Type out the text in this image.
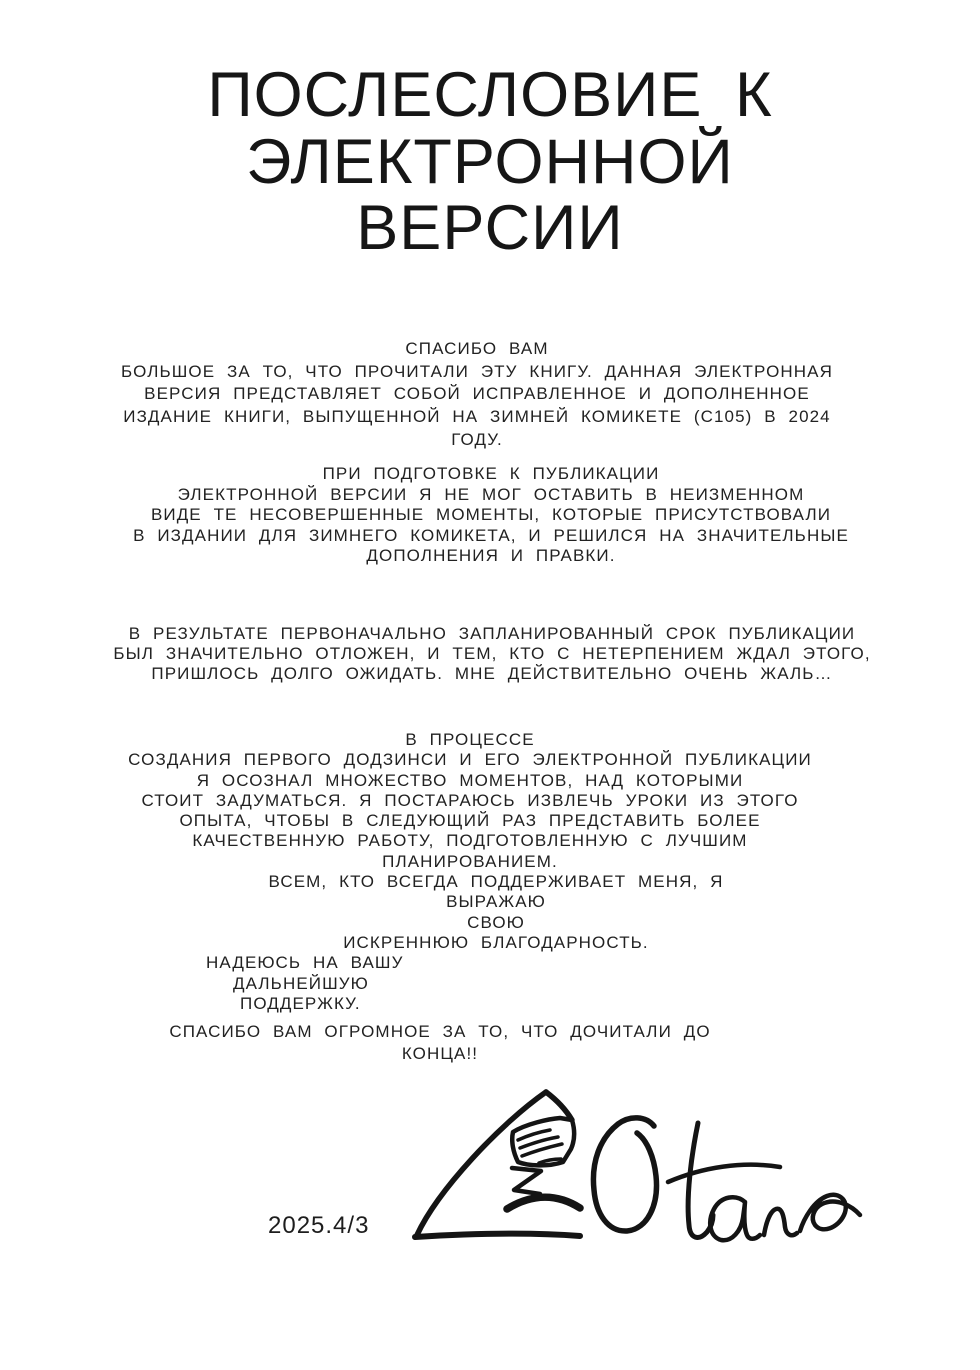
ПОСЛЕСЛОВИЕ К
ЭЛЕКТРОННОЙ
ВЕРСИИ
СПАСИБО ВАМ
БОЛЬШОЕ ЗА ТО, ЧТО ПРОЧИТАЛИ ЭТУ КНИГУ. ДАННАЯ ЭЛЕКТРОННАЯ
ВЕРСИЯ ПРЕДСТАВЛЯЕТ СОБОЙ ИСПРАВЛЕННОЕ И ДОПОЛНЕННОЕ
ИЗДАНИЕ КНИГИ, ВЫПУЩЕННОЙ НА ЗИМНЕЙ КОМИКЕТЕ (C105) В 2024
ГОДУ.
ПРИ ПОДГОТОВКЕ К ПУБЛИКАЦИИ
ЭЛЕКТРОННОЙ ВЕРСИИ Я НЕ МОГ ОСТАВИТЬ В НЕИЗМЕННОМ
ВИДЕ ТЕ НЕСОВЕРШЕННЫЕ МОМЕНТЫ, КОТОРЫЕ ПРИСУТСТВОВАЛИ
В ИЗДАНИИ ДЛЯ ЗИМНЕГО КОМИКЕТА, И РЕШИЛСЯ НА ЗНАЧИТЕЛЬНЫЕ
ДОПОЛНЕНИЯ И ПРАВКИ.
В РЕЗУЛЬТАТЕ ПЕРВОНАЧАЛЬНО ЗАПЛАНИРОВАННЫЙ СРОК ПУБЛИКАЦИИ
БЫЛ ЗНАЧИТЕЛЬНО ОТЛОЖЕН, И ТЕМ, КТО С НЕТЕРПЕНИЕМ ЖДАЛ ЭТОГО,
ПРИШЛОСЬ ДОЛГО ОЖИДАТЬ. МНЕ ДЕЙСТВИТЕЛЬНО ОЧЕНЬ ЖАЛЬ…
В ПРОЦЕССЕ
СОЗДАНИЯ ПЕРВОГО ДОДЗИНСИ И ЕГО ЭЛЕКТРОННОЙ ПУБЛИКАЦИИ
Я ОСОЗНАЛ МНОЖЕСТВО МОМЕНТОВ, НАД КОТОРЫМИ
СТОИТ ЗАДУМАТЬСЯ. Я ПОСТАРАЮСЬ ИЗВЛЕЧЬ УРОКИ ИЗ ЭТОГО
ОПЫТА, ЧТОБЫ В СЛЕДУЮЩИЙ РАЗ ПРЕДСТАВИТЬ БОЛЕЕ
КАЧЕСТВЕННУЮ РАБОТУ, ПОДГОТОВЛЕННУЮ С ЛУЧШИМ
ПЛАНИРОВАНИЕМ.
ВСЕМ, КТО ВСЕГДА ПОДДЕРЖИВАЕТ МЕНЯ, Я
ВЫРАЖАЮ
СВОЮ
ИСКРЕННЮЮ БЛАГОДАРНОСТЬ.
НАДЕЮСЬ НА ВАШУ
ДАЛЬНЕЙШУЮ
ПОДДЕРЖКУ.
СПАСИБО ВАМ ОГРОМНОЕ ЗА ТО, ЧТО ДОЧИТАЛИ ДО
КОНЦА!!
2025.4/3
